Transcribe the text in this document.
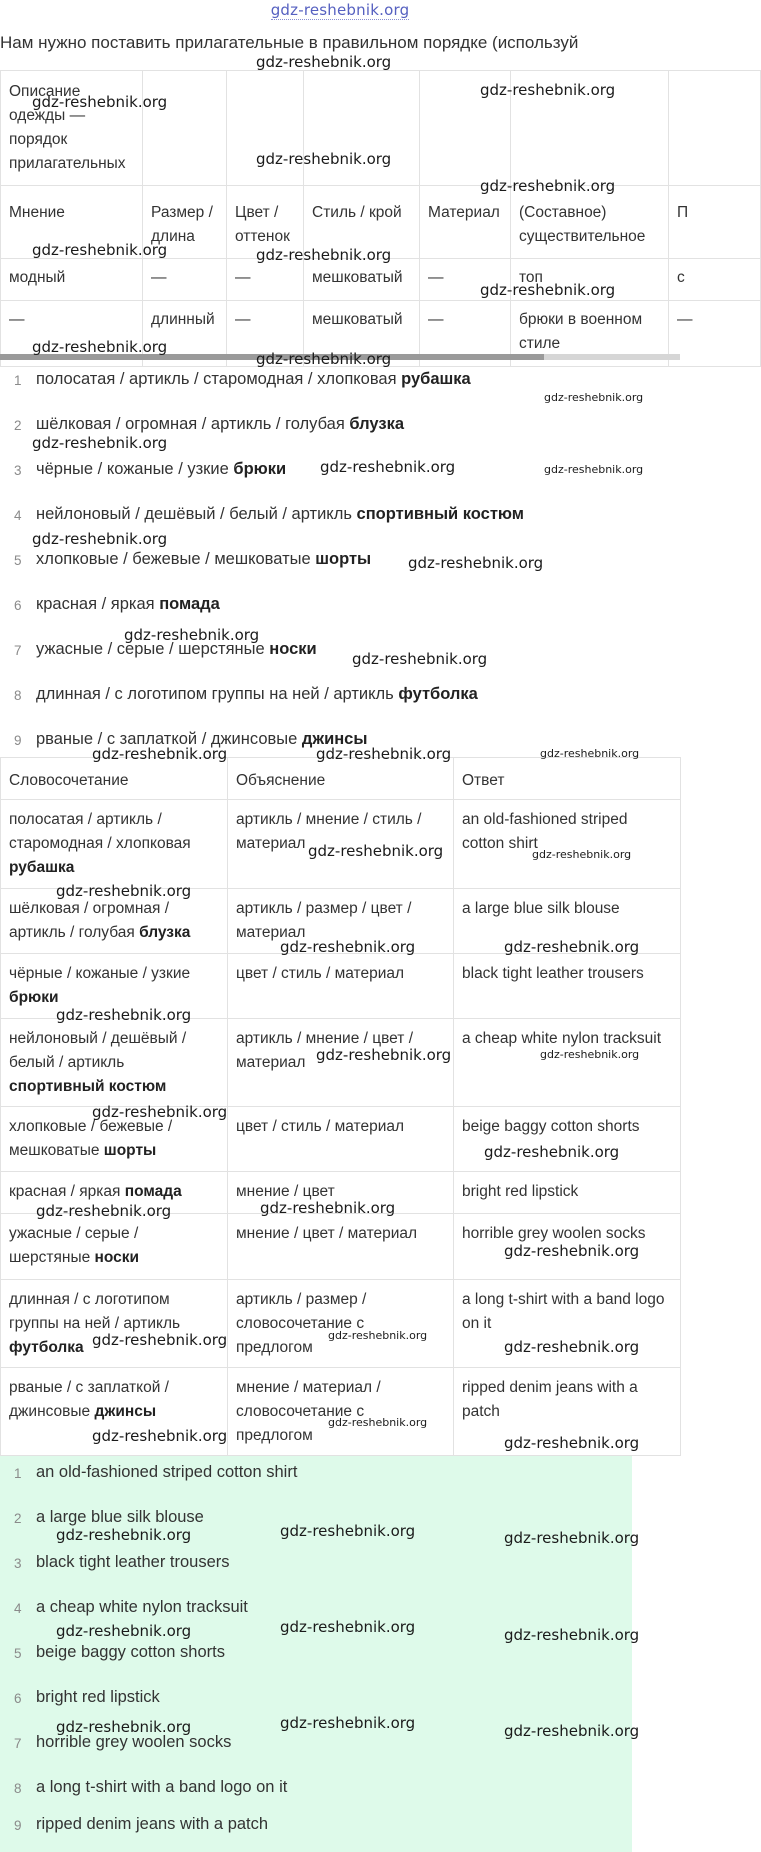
gdz-reshebnik.org
Нам нужно поставить прилагательные в правильном порядке (используй
Описание одежды — порядок прилагательных						
Мнение	Размер / длина	Цвет / оттенок	Стиль / крой	Материал	(Составное) существительное	П
модный	—	—	мешковатый	—	топ	с
—	длинный	—	мешковатый	—	брюки в военном стиле	—
1 полосатая / артикль / старомодная / хлопковая рубашка
2 шёлковая / огромная / артикль / голубая блузка
3 чёрные / кожаные / узкие брюки
4 нейлоновый / дешёвый / белый / артикль спортивный костюм
5 хлопковые / бежевые / мешковатые шорты
6 красная / яркая помада
7 ужасные / серые / шерстяные носки
8 длинная / с логотипом группы на ней / артикль футболка
9 рваные / с заплаткой / джинсовые джинсы
Словосочетание	Объяснение	Ответ
полосатая / артикль / старомодная / хлопковая рубашка	артикль / мнение / стиль / материал	an old-fashioned striped cotton shirt
шёлковая / огромная / артикль / голубая блузка	артикль / размер / цвет / материал	a large blue silk blouse
чёрные / кожаные / узкие брюки	цвет / стиль / материал	black tight leather trousers
нейлоновый / дешёвый / белый / артикль спортивный костюм	артикль / мнение / цвет / материал	a cheap white nylon tracksuit
хлопковые / бежевые / мешковатые шорты	цвет / стиль / материал	beige baggy cotton shorts
красная / яркая помада	мнение / цвет	bright red lipstick
ужасные / серые / шерстяные носки	мнение / цвет / материал	horrible grey woolen socks
длинная / с логотипом группы на ней / артикль футболка	артикль / размер / словосочетание с предлогом	a long t-shirt with a band logo on it
рваные / с заплаткой / джинсовые джинсы	мнение / материал / словосочетание с предлогом	ripped denim jeans with a patch
1 an old-fashioned striped cotton shirt
2 a large blue silk blouse
3 black tight leather trousers
4 a cheap white nylon tracksuit
5 beige baggy cotton shorts
6 bright red lipstick
7 horrible grey woolen socks
8 a long t-shirt with a band logo on it
9 ripped denim jeans with a patch
gdz-reshebnik.org
gdz-reshebnik.org
gdz-reshebnik.org
gdz-reshebnik.org
gdz-reshebnik.org
gdz-reshebnik.org	gdz-reshebnik.org
gdz-reshebnik.org
gdz-reshebnik.org
gdz-reshebnik.org
gdz-reshebnik.org
gdz-reshebnik.org
gdz-reshebnik.org	gdz-reshebnik.org
gdz-reshebnik.org
gdz-reshebnik.org
gdz-reshebnik.org
gdz-reshebnik.org
gdz-reshebnik.org	gdz-reshebnik.org	gdz-reshebnik.org
gdz-reshebnik.org	gdz-reshebnik.org
gdz-reshebnik.org
gdz-reshebnik.org	gdz-reshebnik.org
gdz-reshebnik.org
gdz-reshebnik.org	gdz-reshebnik.org
gdz-reshebnik.org
gdz-reshebnik.org
gdz-reshebnik.org
gdz-reshebnik.org
gdz-reshebnik.org
gdz-reshebnik.org	gdz-reshebnik.org
gdz-reshebnik.org
gdz-reshebnik.org
gdz-reshebnik.org
gdz-reshebnik.org
gdz-reshebnik.org	gdz-reshebnik.org	gdz-reshebnik.org
gdz-reshebnik.org	gdz-reshebnik.org	gdz-reshebnik.org
gdz-reshebnik.org	gdz-reshebnik.org	gdz-reshebnik.org
